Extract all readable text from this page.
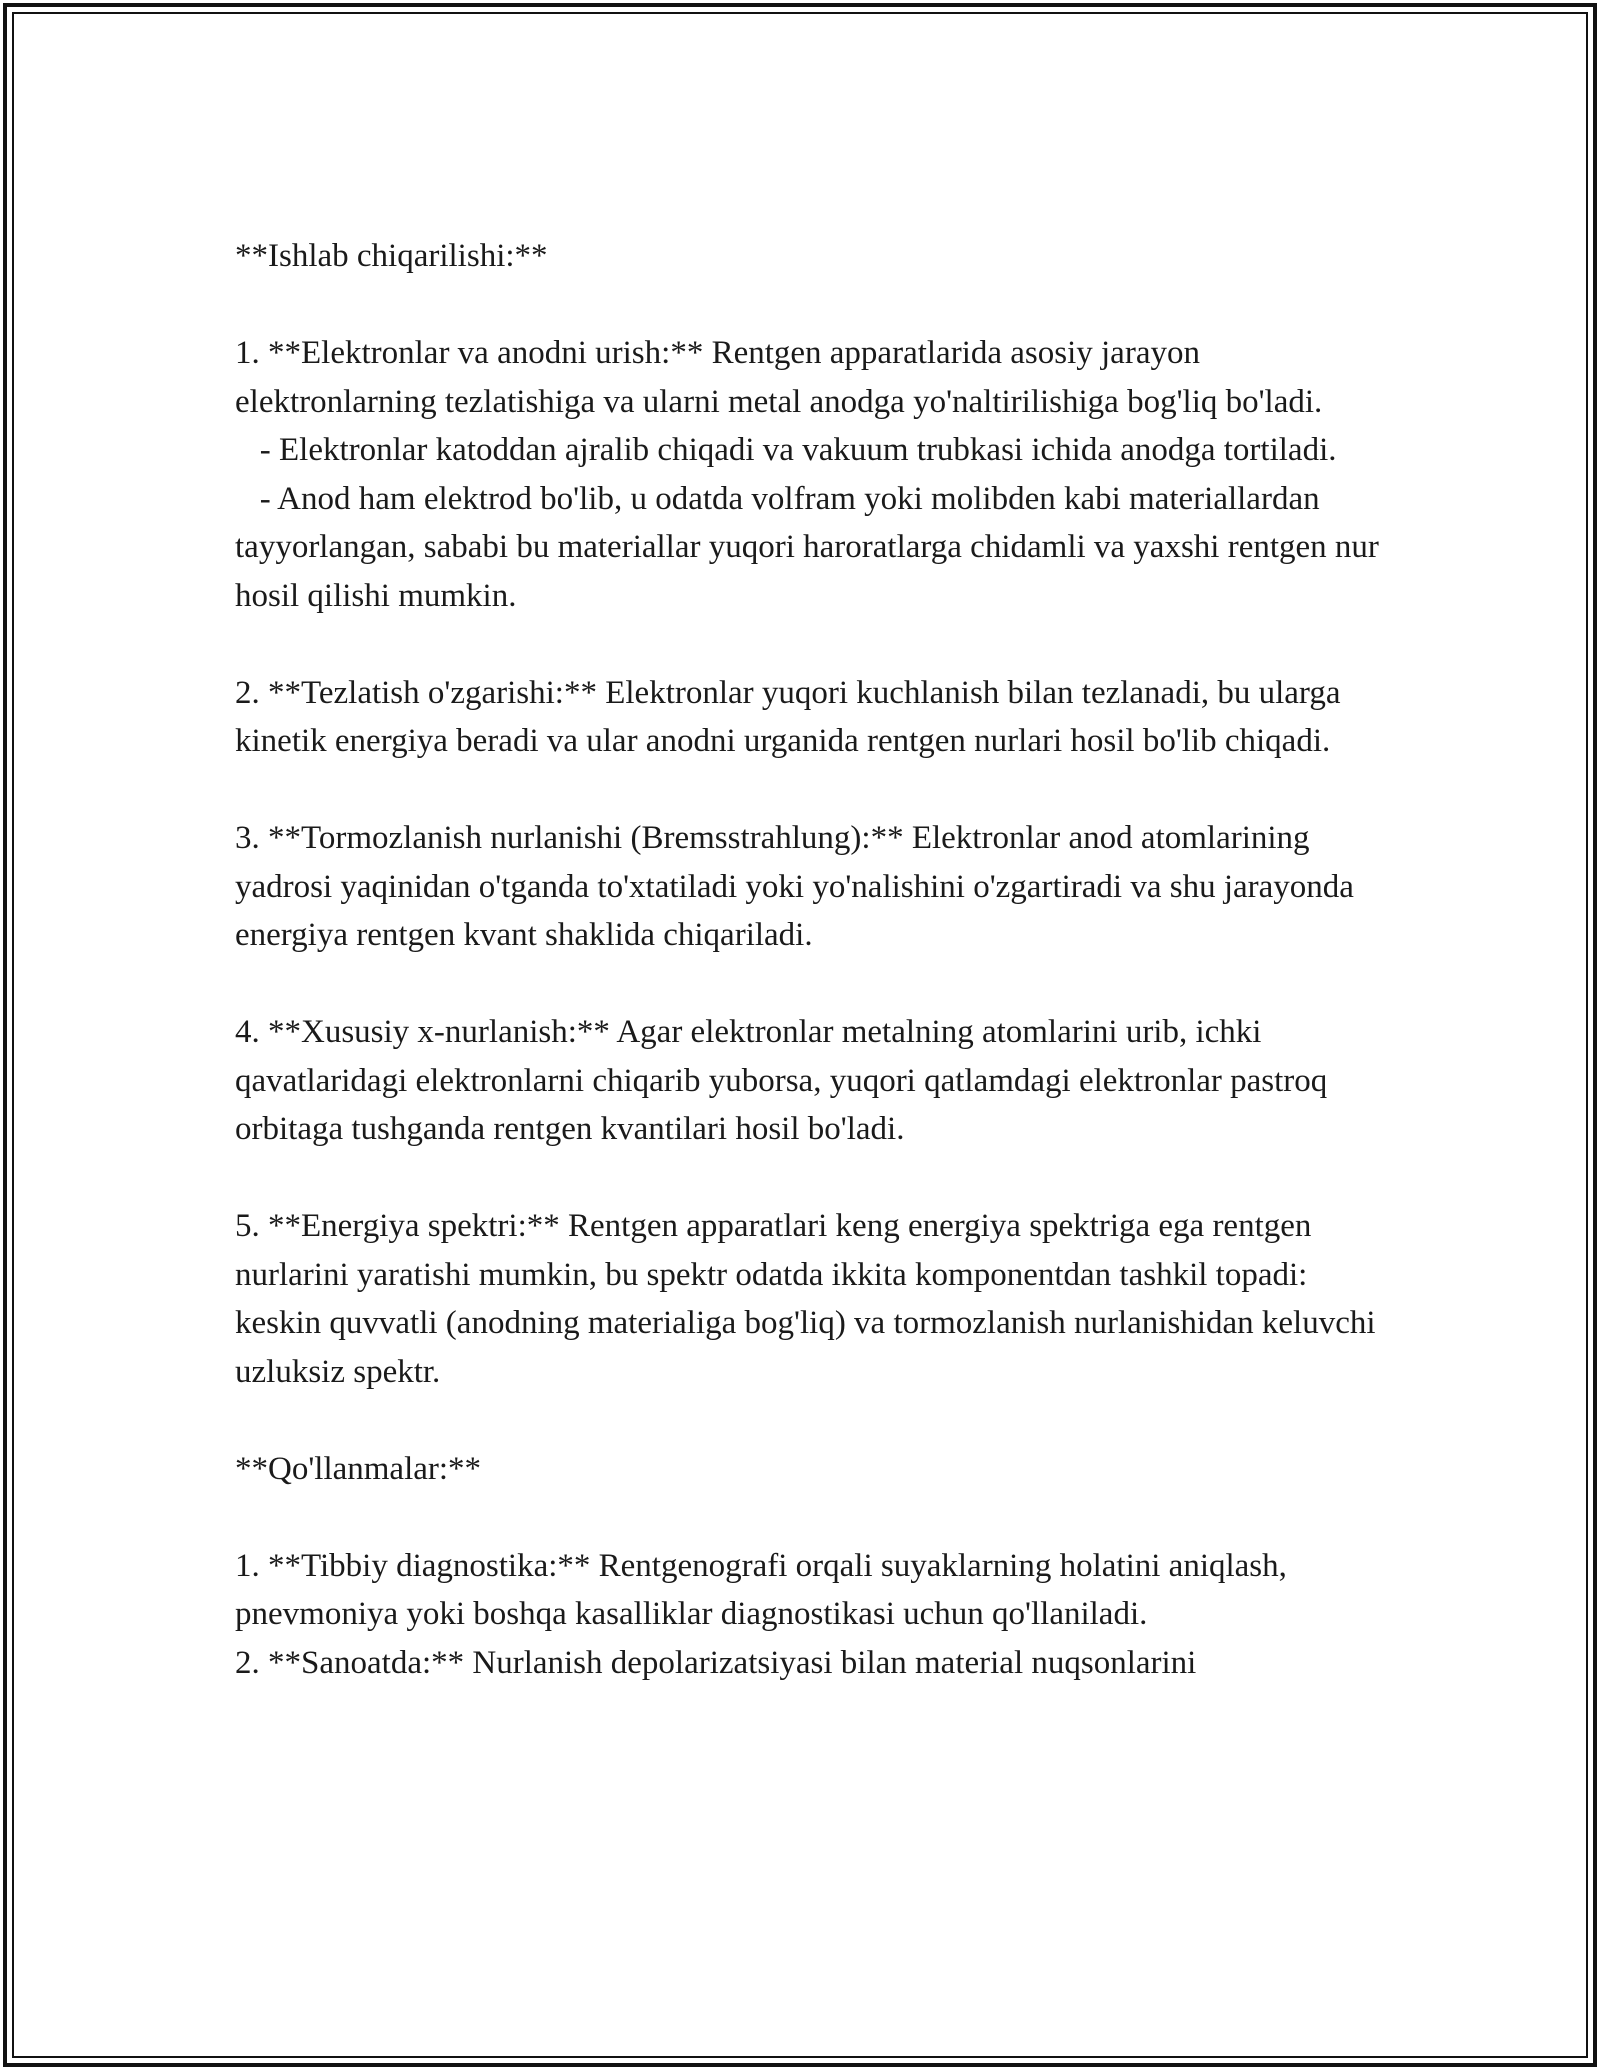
**Ishlab chiqarilishi:**

1. **Elektronlar va anodni urish:** Rentgen apparatlarida asosiy jarayon elektronlarning tezlatishiga va ularni metal anodga yo'naltirilishiga bog'liq bo'ladi.

- Elektronlar katoddan ajralib chiqadi va vakuum trubkasi ichida anodga tortiladi.

- Anod ham elektrod bo'lib, u odatda volfram yoki molibden kabi materiallardan tayyorlangan, sababi bu materiallar yuqori haroratlarga chidamli va yaxshi rentgen nur hosil qilishi mumkin.

2. **Tezlatish o'zgarishi:** Elektronlar yuqori kuchlanish bilan tezlanadi, bu ularga kinetik energiya beradi va ular anodni urganida rentgen nurlari hosil bo'lib chiqadi.

3. **Tormozlanish nurlanishi (Bremsstrahlung):** Elektronlar anod atomlarining yadrosi yaqinidan o'tganda to'xtatiladi yoki yo'nalishini o'zgartiradi va shu jarayonda energiya rentgen kvant shaklida chiqariladi.

4. **Xususiy x-nurlanish:** Agar elektronlar metalning atomlarini urib, ichki qavatlaridagi elektronlarni chiqarib yuborsa, yuqori qatlamdagi elektronlar pastroq orbitaga tushganda rentgen kvantilari hosil bo'ladi.

5. **Energiya spektri:** Rentgen apparatlari keng energiya spektriga ega rentgen nurlarini yaratishi mumkin, bu spektr odatda ikkita komponentdan tashkil topadi: keskin quvvatli (anodning materialiga bog'liq) va tormozlanish nurlanishidan keluvchi uzluksiz spektr.

**Qo'llanmalar:**

1. **Tibbiy diagnostika:** Rentgenografi orqali suyaklarning holatini aniqlash, pnevmoniya yoki boshqa kasalliklar diagnostikasi uchun qo'llaniladi.

2. **Sanoatda:** Nurlanish depolarizatsiyasi bilan material nuqsonlarini
